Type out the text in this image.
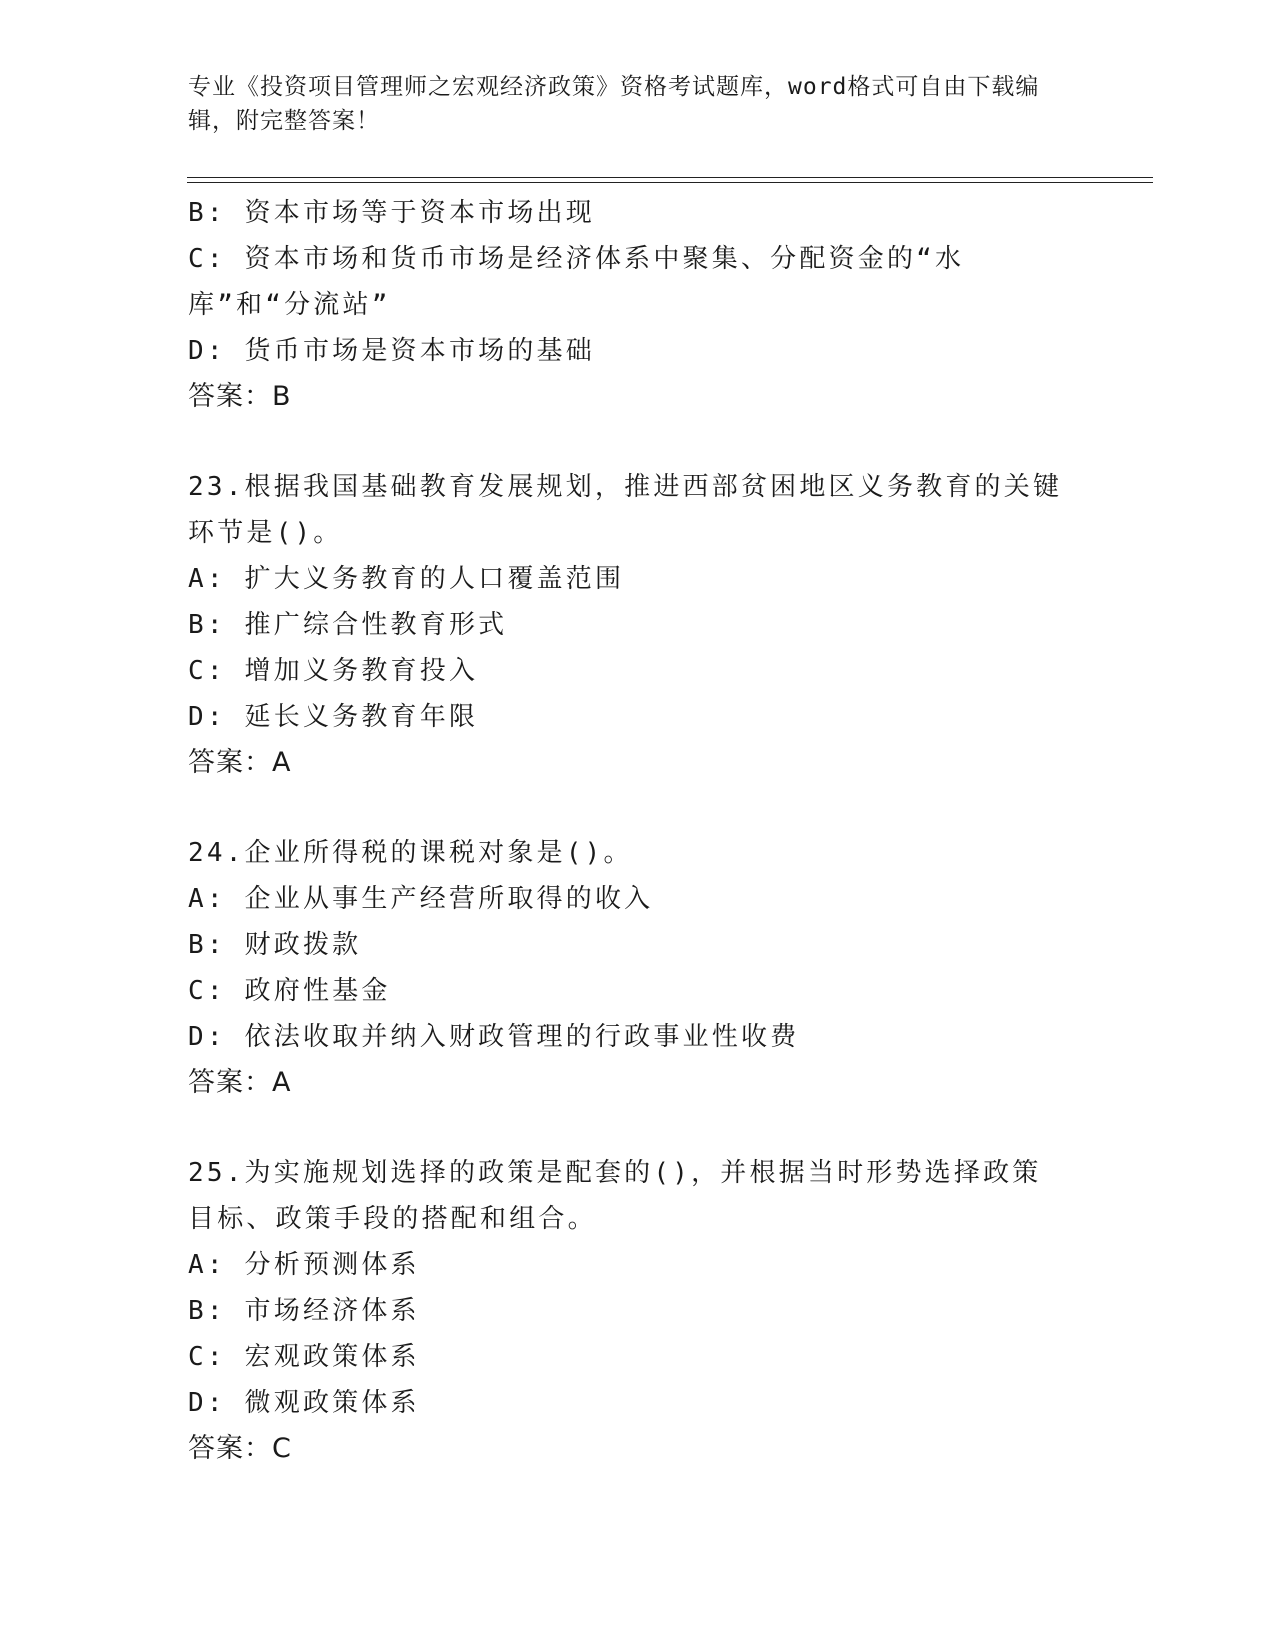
专业《投资项目管理师之宏观经济政策》资格考试题库，word格式可自由下载编辑，附完整答案！
B: 资本市场等于资本市场出现
C: 资本市场和货币市场是经济体系中聚集、分配资金的“水库”和“分流站”
D: 货币市场是资本市场的基础
答案：B
23.根据我国基础教育发展规划，推进西部贫困地区义务教育的关键环节是()。
A: 扩大义务教育的人口覆盖范围
B: 推广综合性教育形式
C: 增加义务教育投入
D: 延长义务教育年限
答案：A
24.企业所得税的课税对象是()。
A: 企业从事生产经营所取得的收入
B: 财政拨款
C: 政府性基金
D: 依法收取并纳入财政管理的行政事业性收费
答案：A
25.为实施规划选择的政策是配套的()，并根据当时形势选择政策目标、政策手段的搭配和组合。
A: 分析预测体系
B: 市场经济体系
C: 宏观政策体系
D: 微观政策体系
答案：C
